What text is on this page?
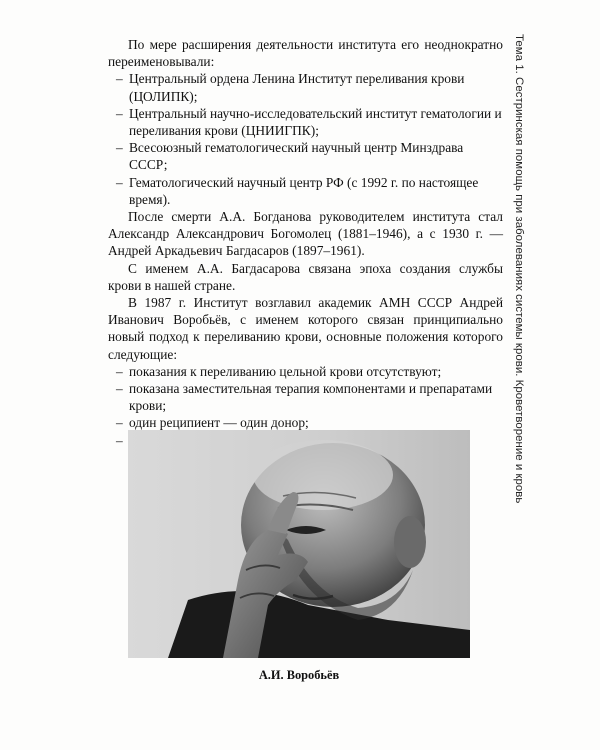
Тема 1. Сестринская помощь при заболеваниях системы крови. Кроветворение и кровь

По мере расширения деятельности института его неоднократно переименовывали:

– Центральный ордена Ленина Институт переливания крови (ЦОЛИПК);
– Центральный научно-исследовательский институт гематологии и переливания крови (ЦНИИГПК);
– Всесоюзный гематологический научный центр Минздрава СССР;
– Гематологический научный центр РФ (с 1992 г. по настоящее время).

После смерти А.А. Богданова руководителем института стал Александр Александрович Богомолец (1881–1946), а с 1930 г. — Андрей Аркадьевич Багдасаров (1897–1961).

С именем А.А. Багдасарова связана эпоха создания службы крови в нашей стране.

В 1987 г. Институт возглавил академик АМН СССР Андрей Иванович Воробьёв, с именем которого связан принципиально новый подход к переливанию крови, основные положения которого следующие:

– показания к переливанию цельной крови отсутствуют;
– показана заместительная терапия компонентами и препаратами крови;
– один реципиент — один донор;
–
А.И. Воробьёв
